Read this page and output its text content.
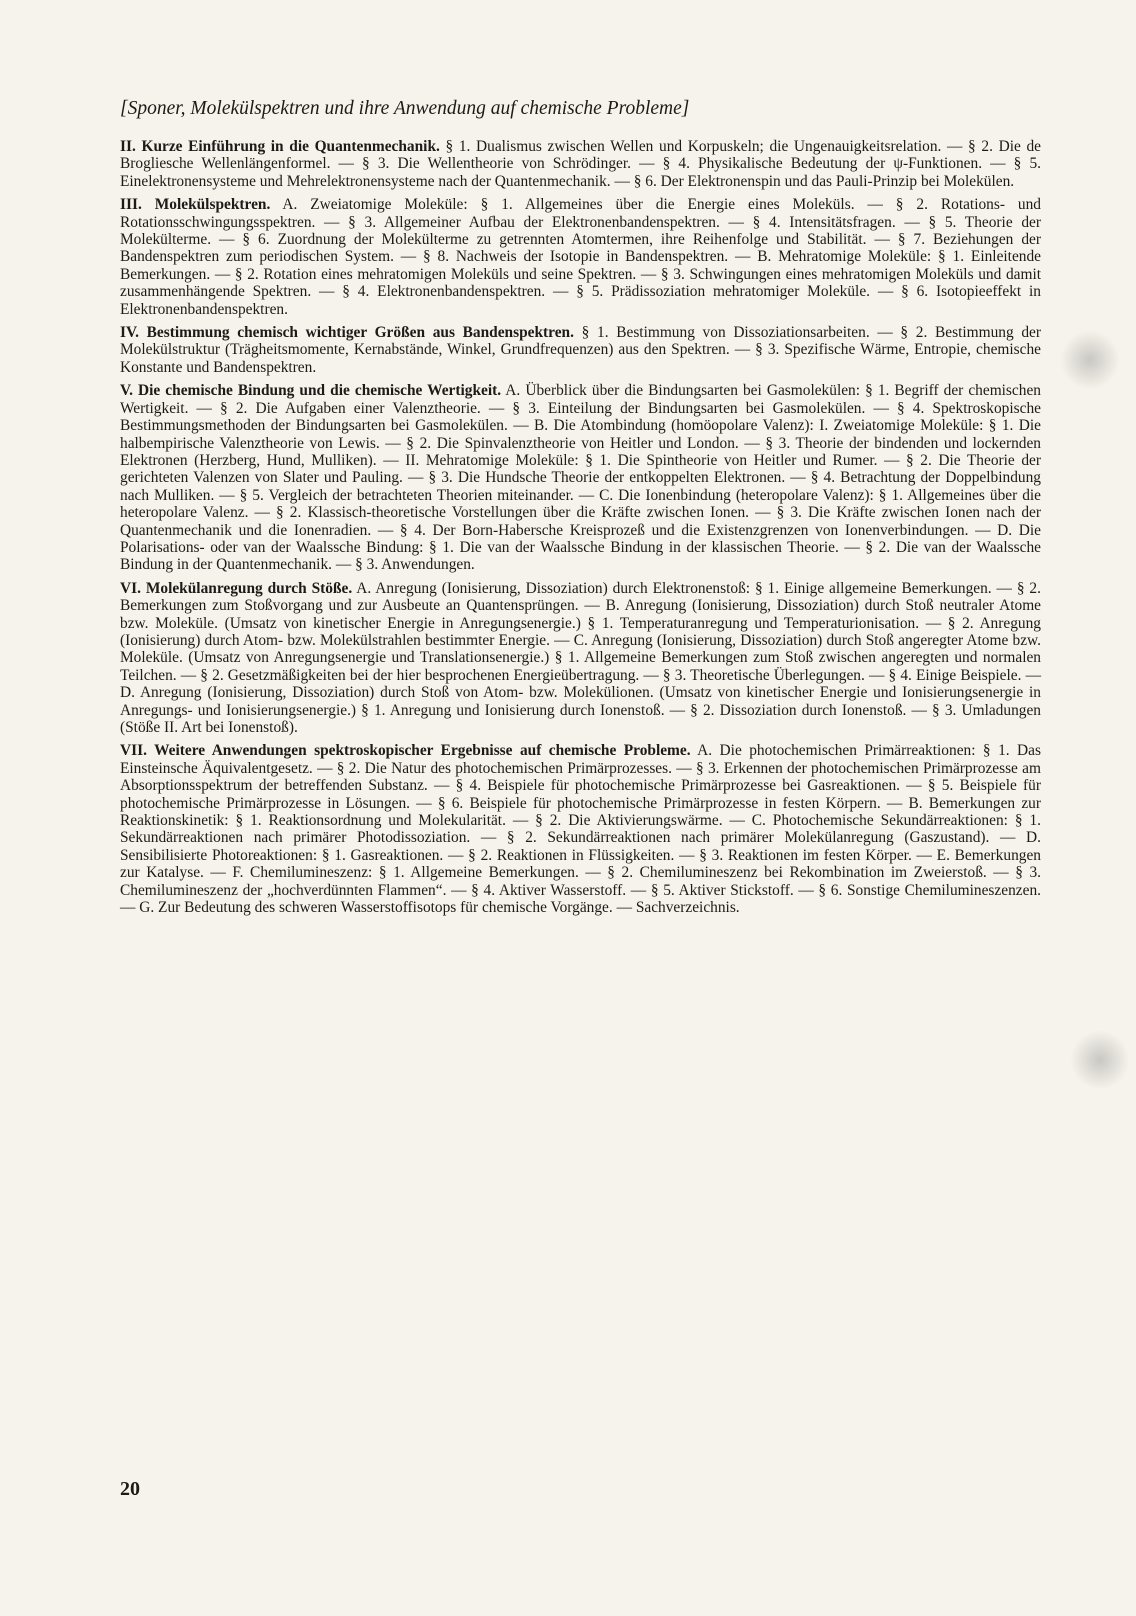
[Sponer, Molekülspektren und ihre Anwendung auf chemische Probleme]
II. Kurze Einführung in die Quantenmechanik. § 1. Dualismus zwischen Wellen und Korpuskeln; die Ungenauigkeitsrelation. — § 2. Die de Brogliesche Wellenlängenformel. — § 3. Die Wellentheorie von Schrödinger. — § 4. Physikalische Bedeutung der ψ-Funktionen. — § 5. Einelektronensysteme und Mehrelektronensysteme nach der Quantenmechanik. — § 6. Der Elektronenspin und das Pauli-Prinzip bei Molekülen.
III. Molekülspektren. A. Zweiatomige Moleküle: § 1. Allgemeines über die Energie eines Moleküls. — § 2. Rotations- und Rotationsschwingungsspektren. — § 3. Allgemeiner Aufbau der Elektronenbandenspektren. — § 4. Intensitätsfragen. — § 5. Theorie der Molekülterme. — § 6. Zuordnung der Molekülterme zu getrennten Atomtermen, ihre Reihenfolge und Stabilität. — § 7. Beziehungen der Bandenspektren zum periodischen System. — § 8. Nachweis der Isotopie in Bandenspektren. — B. Mehratomige Moleküle: § 1. Einleitende Bemerkungen. — § 2. Rotation eines mehratomigen Moleküls und seine Spektren. — § 3. Schwingungen eines mehratomigen Moleküls und damit zusammenhängende Spektren. — § 4. Elektronenbandenspektren. — § 5. Prädissoziation mehratomiger Moleküle. — § 6. Isotopieeffekt in Elektronenbandenspektren.
IV. Bestimmung chemisch wichtiger Größen aus Bandenspektren. § 1. Bestimmung von Dissoziationsarbeiten. — § 2. Bestimmung der Molekülstruktur (Trägheitsmomente, Kernabstände, Winkel, Grundfrequenzen) aus den Spektren. — § 3. Spezifische Wärme, Entropie, chemische Konstante und Bandenspektren.
V. Die chemische Bindung und die chemische Wertigkeit. A. Überblick über die Bindungsarten bei Gasmolekülen: § 1. Begriff der chemischen Wertigkeit. — § 2. Die Aufgaben einer Valenztheorie. — § 3. Einteilung der Bindungsarten bei Gasmolekülen. — § 4. Spektroskopische Bestimmungsmethoden der Bindungsarten bei Gasmolekülen. — B. Die Atombindung (homöopolare Valenz): I. Zweiatomige Moleküle: § 1. Die halbempirische Valenztheorie von Lewis. — § 2. Die Spinvalenztheorie von Heitler und London. — § 3. Theorie der bindenden und lockernden Elektronen (Herzberg, Hund, Mulliken). — II. Mehratomige Moleküle: § 1. Die Spintheorie von Heitler und Rumer. — § 2. Die Theorie der gerichteten Valenzen von Slater und Pauling. — § 3. Die Hundsche Theorie der entkoppelten Elektronen. — § 4. Betrachtung der Doppelbindung nach Mulliken. — § 5. Vergleich der betrachteten Theorien miteinander. — C. Die Ionenbindung (heteropolare Valenz): § 1. Allgemeines über die heteropolare Valenz. — § 2. Klassisch-theoretische Vorstellungen über die Kräfte zwischen Ionen. — § 3. Die Kräfte zwischen Ionen nach der Quantenmechanik und die Ionenradien. — § 4. Der Born-Habersche Kreisprozeß und die Existenzgrenzen von Ionenverbindungen. — D. Die Polarisations- oder van der Waalssche Bindung: § 1. Die van der Waalssche Bindung in der klassischen Theorie. — § 2. Die van der Waalssche Bindung in der Quantenmechanik. — § 3. Anwendungen.
VI. Molekülanregung durch Stöße. A. Anregung (Ionisierung, Dissoziation) durch Elektronenstoß: § 1. Einige allgemeine Bemerkungen. — § 2. Bemerkungen zum Stoßvorgang und zur Ausbeute an Quantensprüngen. — B. Anregung (Ionisierung, Dissoziation) durch Stoß neutraler Atome bzw. Moleküle. (Umsatz von kinetischer Energie in Anregungsenergie.) § 1. Temperaturanregung und Temperaturionisation. — § 2. Anregung (Ionisierung) durch Atom- bzw. Molekülstrahlen bestimmter Energie. — C. Anregung (Ionisierung, Dissoziation) durch Stoß angeregter Atome bzw. Moleküle. (Umsatz von Anregungsenergie und Translationsenergie.) § 1. Allgemeine Bemerkungen zum Stoß zwischen angeregten und normalen Teilchen. — § 2. Gesetzmäßigkeiten bei der hier besprochenen Energieübertragung. — § 3. Theoretische Überlegungen. — § 4. Einige Beispiele. — D. Anregung (Ionisierung, Dissoziation) durch Stoß von Atom- bzw. Molekülionen. (Umsatz von kinetischer Energie und Ionisierungsenergie in Anregungs- und Ionisierungsenergie.) § 1. Anregung und Ionisierung durch Ionenstoß. — § 2. Dissoziation durch Ionenstoß. — § 3. Umladungen (Stöße II. Art bei Ionenstoß).
VII. Weitere Anwendungen spektroskopischer Ergebnisse auf chemische Probleme. A. Die photochemischen Primärreaktionen: § 1. Das Einsteinsche Äquivalentgesetz. — § 2. Die Natur des photochemischen Primärprozesses. — § 3. Erkennen der photochemischen Primärprozesse am Absorptionsspektrum der betreffenden Substanz. — § 4. Beispiele für photochemische Primärprozesse bei Gasreaktionen. — § 5. Beispiele für photochemische Primärprozesse in Lösungen. — § 6. Beispiele für photochemische Primärprozesse in festen Körpern. — B. Bemerkungen zur Reaktionskinetik: § 1. Reaktionsordnung und Molekularität. — § 2. Die Aktivierungswärme. — C. Photochemische Sekundärreaktionen: § 1. Sekundärreaktionen nach primärer Photodissoziation. — § 2. Sekundärreaktionen nach primärer Molekülanregung (Gaszustand). — D. Sensibilisierte Photoreaktionen: § 1. Gasreaktionen. — § 2. Reaktionen in Flüssigkeiten. — § 3. Reaktionen im festen Körper. — E. Bemerkungen zur Katalyse. — F. Chemilumineszenz: § 1. Allgemeine Bemerkungen. — § 2. Chemilumineszenz bei Rekombination im Zweierstoß. — § 3. Chemilumineszenz der „hochverdünnten Flammen“. — § 4. Aktiver Wasserstoff. — § 5. Aktiver Stickstoff. — § 6. Sonstige Chemilumineszenzen. — G. Zur Bedeutung des schweren Wasserstoffisotops für chemische Vorgänge. — Sachverzeichnis.
20
